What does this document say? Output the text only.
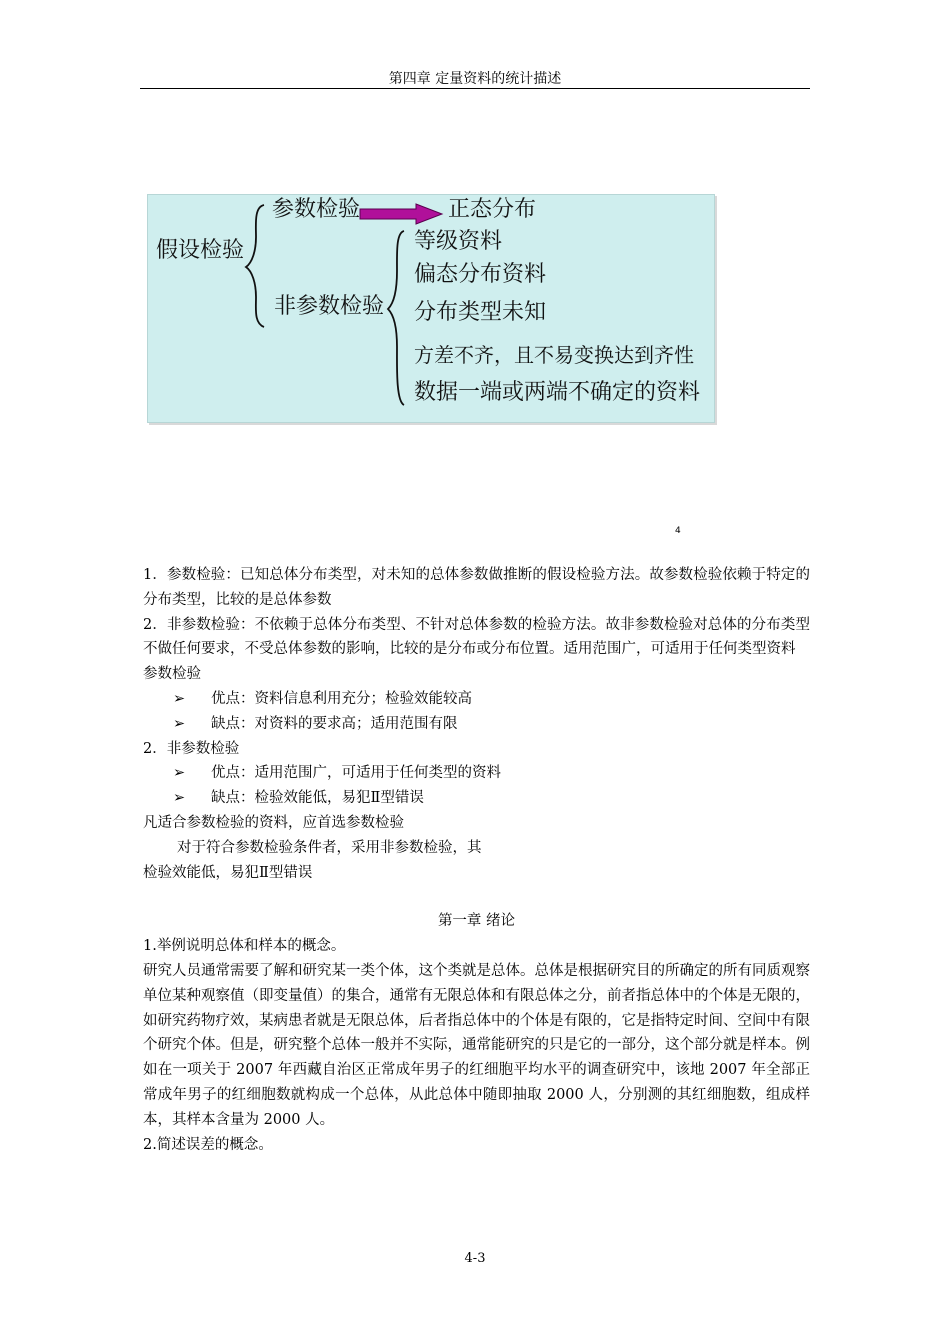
第四章 定量资料的统计描述
假设检验
参数检验	正态分布
非参数检验
等级资料
偏态分布资料
分布类型未知
方差不齐，且不易变换达到齐性
数据一端或两端不确定的资料
4

1．参数检验：已知总体分布类型，对未知的总体参数做推断的假设检验方法。故参数检验依赖于特定的分布类型，比较的是总体参数

2．非参数检验：不依赖于总体分布类型、不针对总体参数的检验方法。故非参数检验对总体的分布类型不做任何要求，不受总体参数的影响，比较的是分布或分布位置。适用范围广，可适用于任何类型资料

参数检验

➢ 优点：资料信息利用充分；检验效能较高

➢ 缺点：对资料的要求高；适用范围有限

2．非参数检验

➢ 优点：适用范围广，可适用于任何类型的资料

➢ 缺点：检验效能低，易犯Ⅱ型错误

凡适合参数检验的资料，应首选参数检验

对于符合参数检验条件者，采用非参数检验，其

检验效能低，易犯Ⅱ型错误

第一章 绪论

1.举例说明总体和样本的概念。

研究人员通常需要了解和研究某一类个体，这个类就是总体。总体是根据研究目的所确定的所有同质观察单位某种观察值（即变量值）的集合，通常有无限总体和有限总体之分，前者指总体中的个体是无限的，如研究药物疗效，某病患者就是无限总体，后者指总体中的个体是有限的，它是指特定时间、空间中有限个研究个体。但是，研究整个总体一般并不实际，通常能研究的只是它的一部分，这个部分就是样本。例如在一项关于 2007 年西藏自治区正常成年男子的红细胞平均水平的调查研究中，该地 2007 年全部正常成年男子的红细胞数就构成一个总体，从此总体中随即抽取 2000 人，分别测的其红细胞数，组成样本，其样本含量为 2000 人。

2.简述误差的概念。

4-3
